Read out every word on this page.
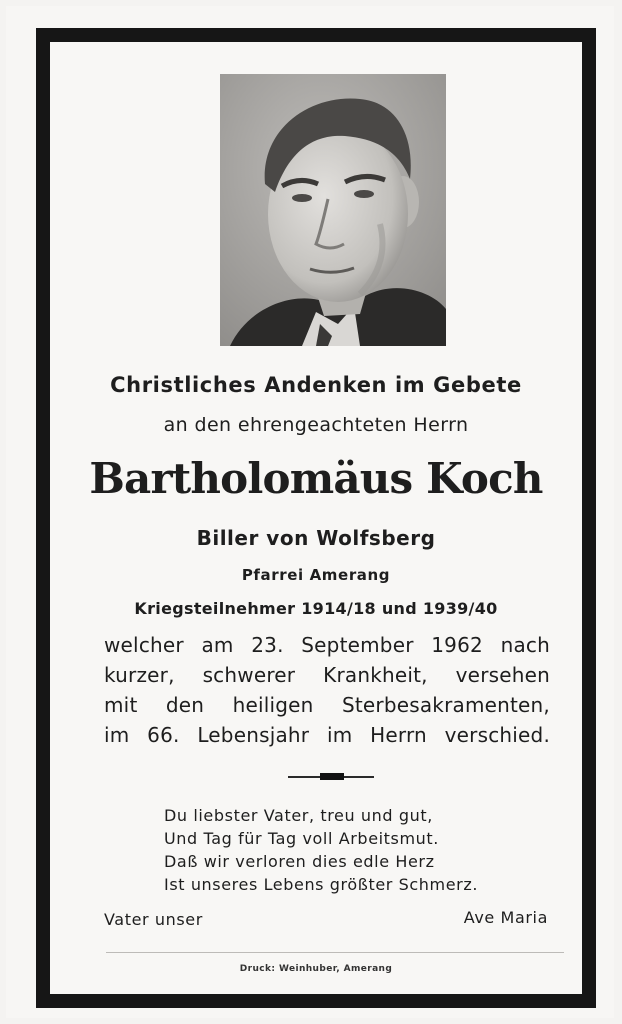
Christliches Andenken im Gebete
an den ehrengeachteten Herrn
Bartholomäus Koch
Biller von Wolfsberg
Pfarrei Amerang
Kriegsteilnehmer 1914/18 und 1939/40
welcher am 23. September 1962 nach
kurzer, schwerer Krankheit, versehen
mit den heiligen Sterbesakramenten,
im 66. Lebensjahr im Herrn verschied.
Du liebster Vater, treu und gut,
Und Tag für Tag voll Arbeitsmut.
Daß wir verloren dies edle Herz
Ist unseres Lebens größter Schmerz.
Vater unser	Ave Maria
Druck: Weinhuber, Amerang
